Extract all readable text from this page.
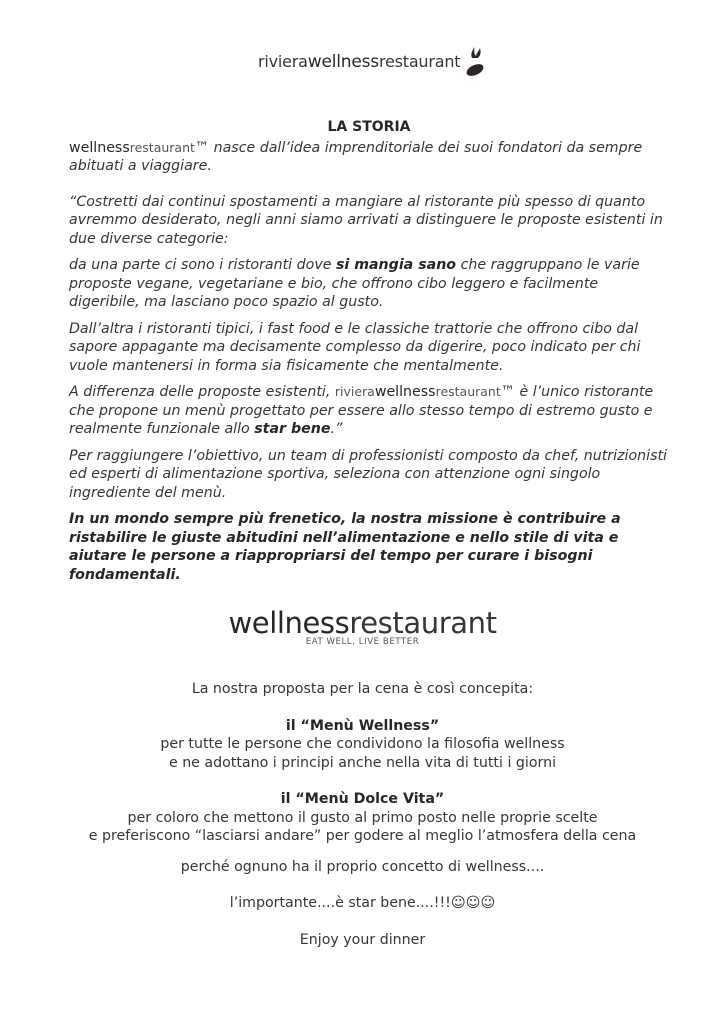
rivierawellnessrestaurant
LA STORIA

wellnessrestaurant™ nasce dall’idea imprenditoriale dei suoi fondatori da sempre abituati a viaggiare.

“Costretti dai continui spostamenti a mangiare al ristorante più spesso di quanto avremmo desiderato, negli anni siamo arrivati a distinguere le proposte esistenti in due diverse categorie:

da una parte ci sono i ristoranti dove si mangia sano che raggruppano le varie proposte vegane, vegetariane e bio, che offrono cibo leggero e facilmente digeribile, ma lasciano poco spazio al gusto.

Dall’altra i ristoranti tipici, i fast food e le classiche trattorie che offrono cibo dal sapore appagante ma decisamente complesso da digerire, poco indicato per chi vuole mantenersi in forma sia fisicamente che mentalmente.

A differenza delle proposte esistenti, rivierawellnessrestaurant™ è l’unico ristorante che propone un menù progettato per essere allo stesso tempo di estremo gusto e realmente funzionale allo star bene.”

Per raggiungere l’obiettivo, un team di professionisti composto da chef, nutrizionisti ed esperti di alimentazione sportiva, seleziona con attenzione ogni singolo ingrediente del menù.

In un mondo sempre più frenetico, la nostra missione è contribuire a ristabilire le giuste abitudini nell’alimentazione e nello stile di vita e aiutare le persone a riappropriarsi del tempo per curare i bisogni fondamentali.

wellnessrestaurant
EAT WELL, LIVE BETTER
La nostra proposta per la cena è così concepita:
il “Menù Wellness”
per tutte le persone che condividono la filosofia wellness
e ne adottano i principi anche nella vita di tutti i giorni
il “Menù Dolce Vita”
per coloro che mettono il gusto al primo posto nelle proprie scelte
e preferiscono “lasciarsi andare” per godere al meglio l’atmosfera della cena
perché ognuno ha il proprio concetto di wellness....
l’importante....è star bene....!!!☺☺☺
Enjoy your dinner
